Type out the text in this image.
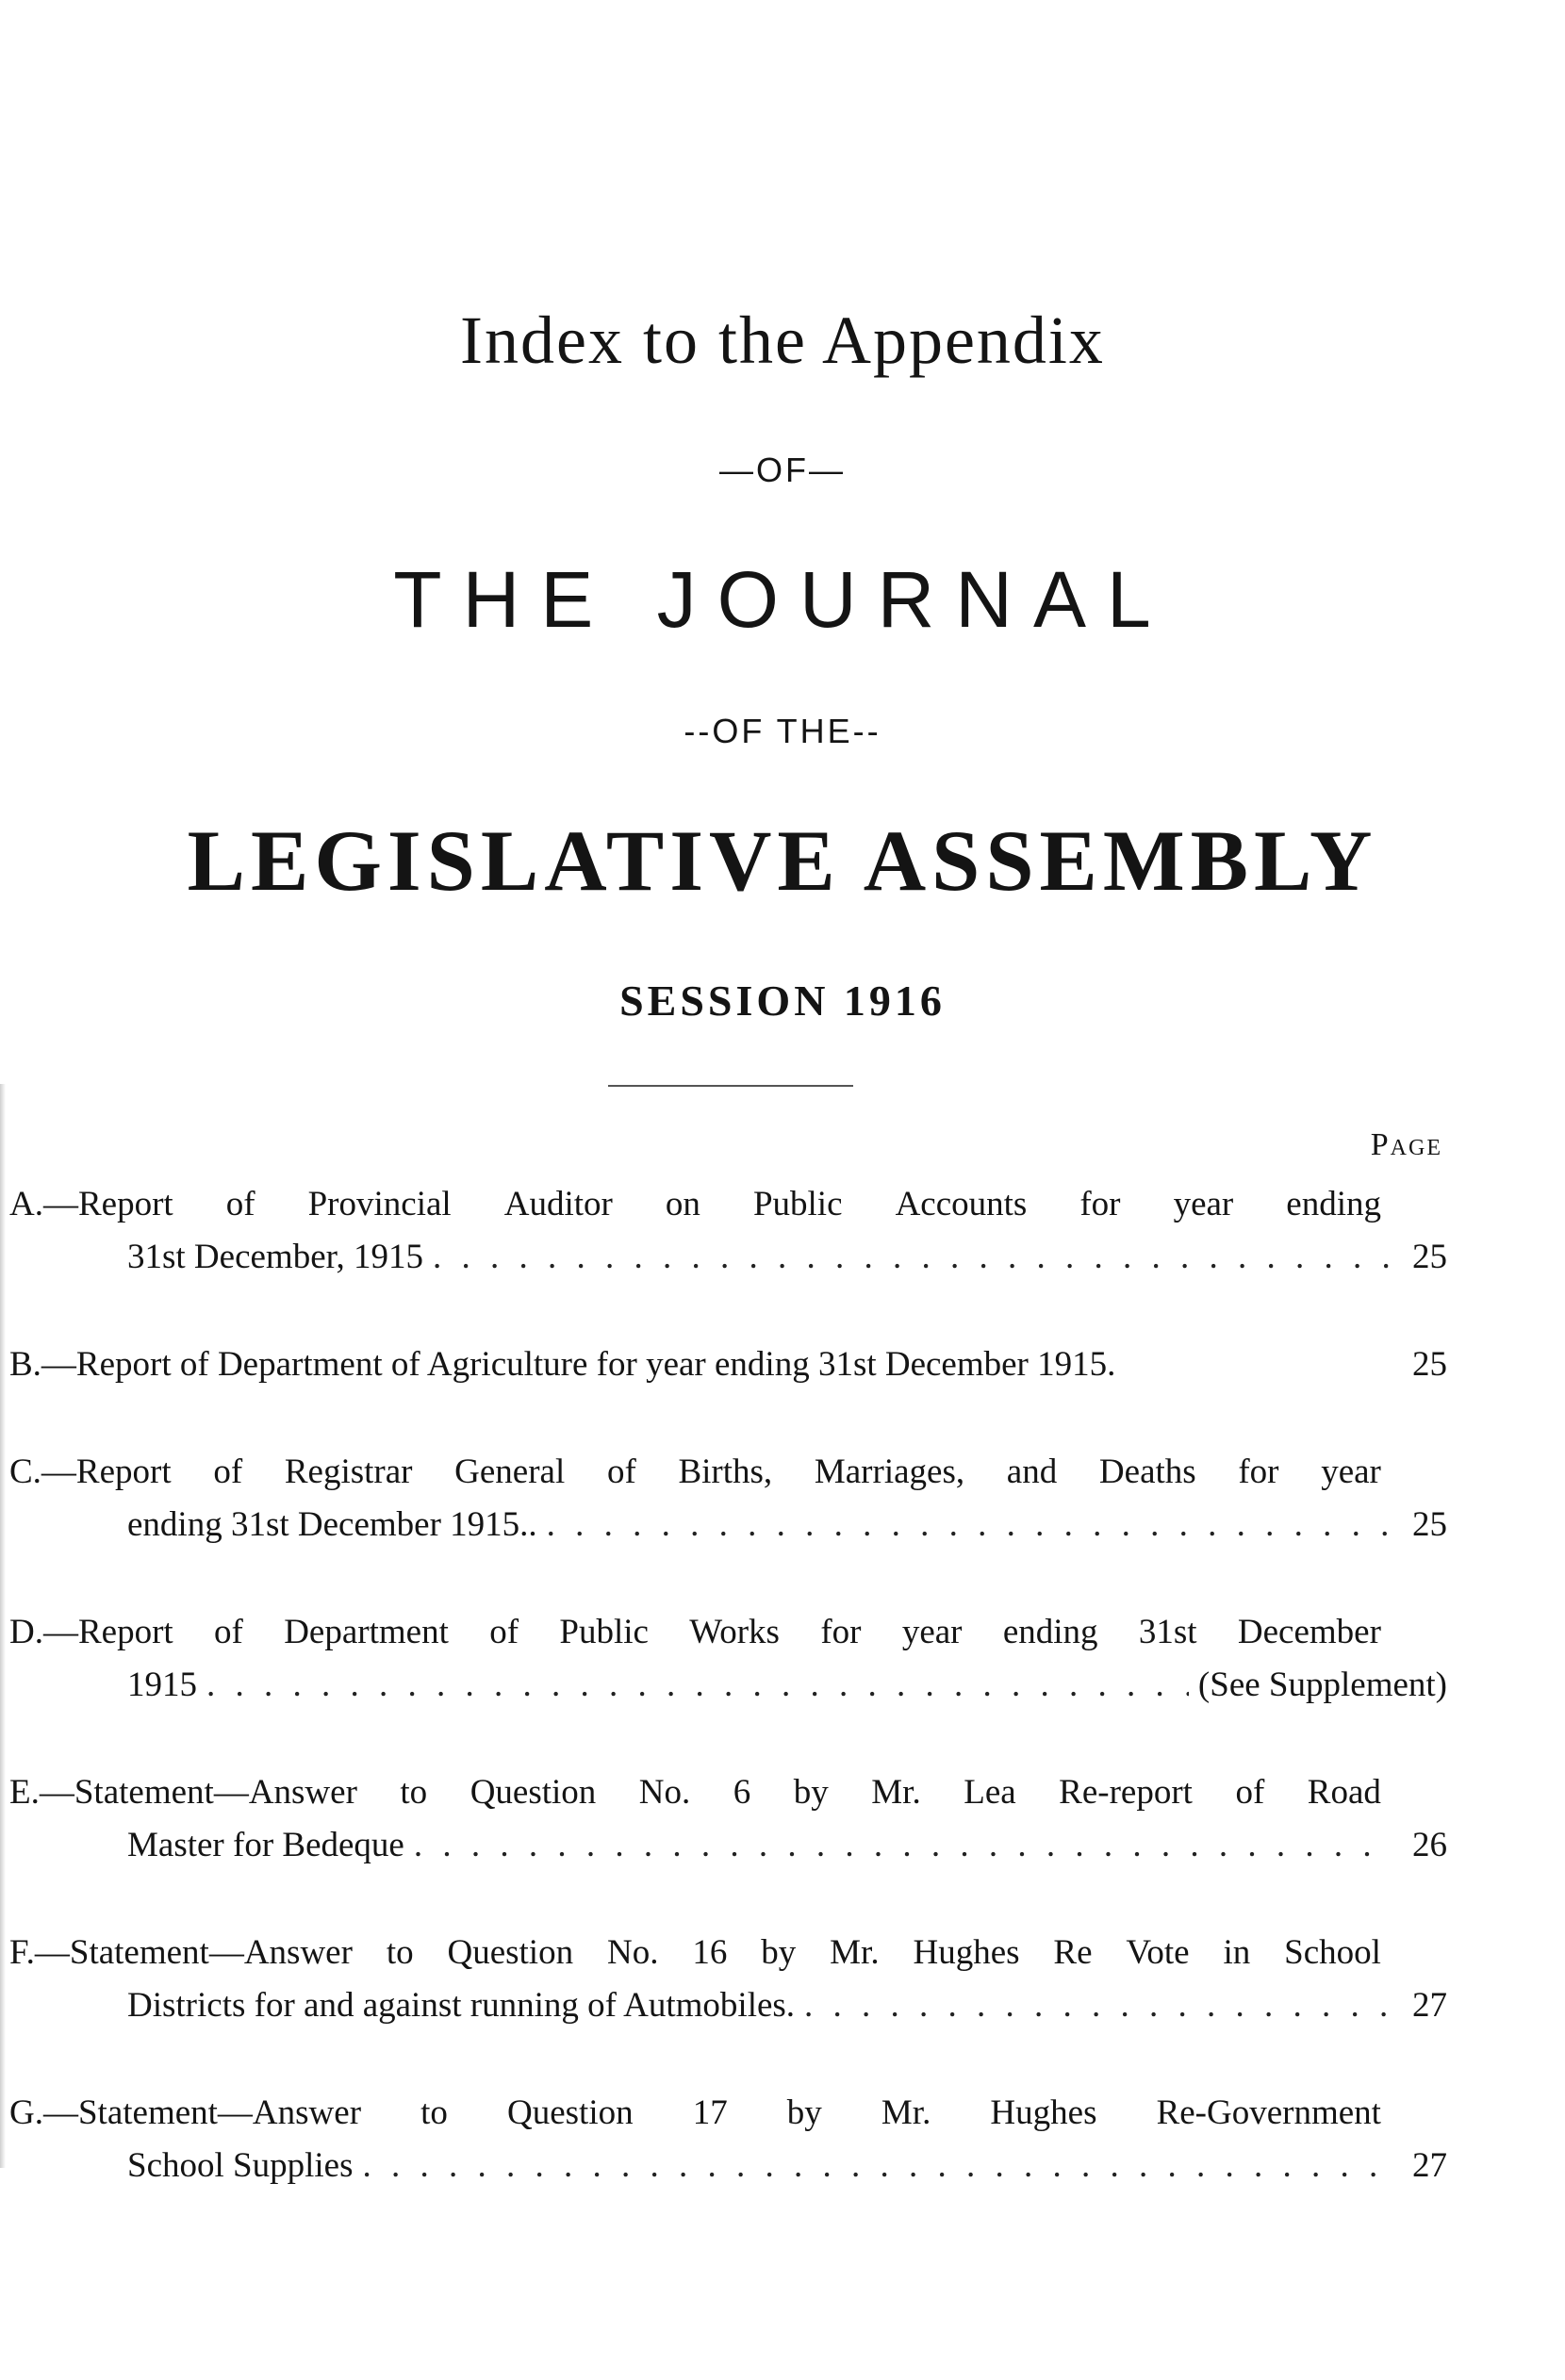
Index to the Appendix
—OF—
THE JOURNAL
--OF THE--
LEGISLATIVE ASSEMBLY
SESSION 1916
Page
A.—Report of Provincial Auditor on Public Accounts for year ending
31st December, 1915 . . .	25
B.—Report of Department of Agriculture for year ending 31st December 1915.	25
C.—Report of Registrar General of Births, Marriages, and Deaths for year
ending 31st December 1915.. . . .	25
D.—Report of Department of Public Works for year ending 31st December
1915 . . .	(See Supplement)
E.—Statement—Answer to Question No. 6 by Mr. Lea Re-report of Road
Master for Bedeque . . .	26
F.—Statement—Answer to Question No. 16 by Mr. Hughes Re Vote in School
Districts for and against running of Autmobiles. . . .	27
G.—Statement—Answer to Question 17 by Mr. Hughes Re-Government
School Supplies . . .	27
